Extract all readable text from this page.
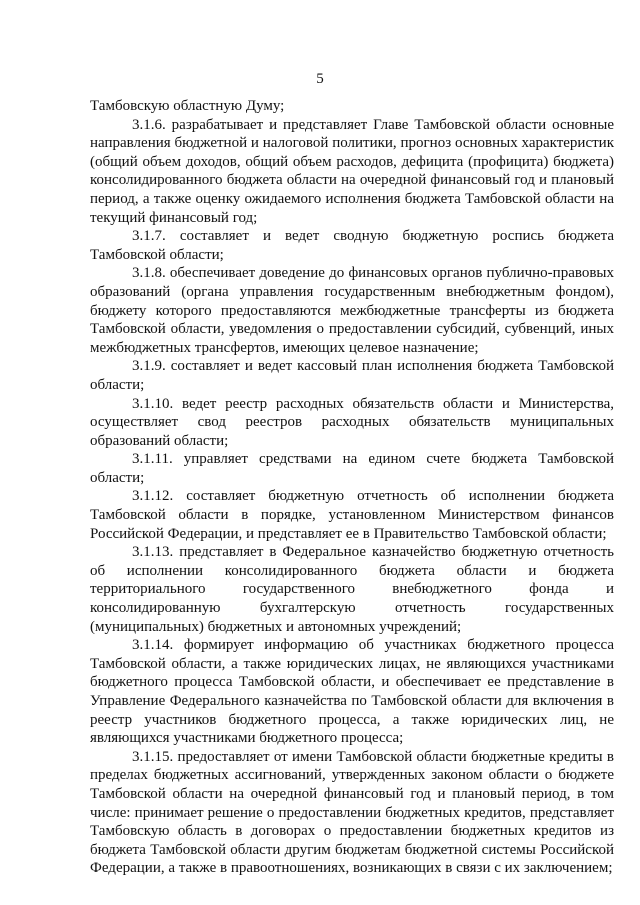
5

Тамбовскую областную Думу;

3.1.6. разрабатывает и представляет Главе Тамбовской области основные направления бюджетной и налоговой политики, прогноз основных характеристик (общий объем доходов, общий объем расходов, дефицита (профицита) бюджета) консолидированного бюджета области на очередной финансовый год и плановый период, а также оценку ожидаемого исполнения бюджета Тамбовской области на текущий финансовый год;

3.1.7. составляет и ведет сводную бюджетную роспись бюджета Тамбовской области;

3.1.8. обеспечивает доведение до финансовых органов публично-правовых образований (органа управления государственным внебюджетным фондом), бюджету которого предоставляются межбюджетные трансферты из бюджета Тамбовской области, уведомления о предоставлении субсидий, субвенций, иных межбюджетных трансфертов, имеющих целевое назначение;

3.1.9. составляет и ведет кассовый план исполнения бюджета Тамбовской области;

3.1.10. ведет реестр расходных обязательств области и Министерства, осуществляет свод реестров расходных обязательств муниципальных образований области;

3.1.11. управляет средствами на едином счете бюджета Тамбовской области;

3.1.12. составляет бюджетную отчетность об исполнении бюджета Тамбовской области в порядке, установленном Министерством финансов Российской Федерации, и представляет ее в Правительство Тамбовской области;

3.1.13. представляет в Федеральное казначейство бюджетную отчетность об исполнении консолидированного бюджета области и бюджета территориального государственного внебюджетного фонда и консолидированную бухгалтерскую отчетность государственных (муниципальных) бюджетных и автономных учреждений;

3.1.14. формирует информацию об участниках бюджетного процесса Тамбовской области, а также юридических лицах, не являющихся участниками бюджетного процесса Тамбовской области, и обеспечивает ее представление в Управление Федерального казначейства по Тамбовской области для включения в реестр участников бюджетного процесса, а также юридических лиц, не являющихся участниками бюджетного процесса;

3.1.15. предоставляет от имени Тамбовской области бюджетные кредиты в пределах бюджетных ассигнований, утвержденных законом области о бюджете Тамбовской области на очередной финансовый год и плановый период, в том числе: принимает решение о предоставлении бюджетных кредитов, представляет Тамбовскую область в договорах о предоставлении бюджетных кредитов из бюджета Тамбовской области другим бюджетам бюджетной системы Российской Федерации, а также в правоотношениях, возникающих в связи с их заключением;
